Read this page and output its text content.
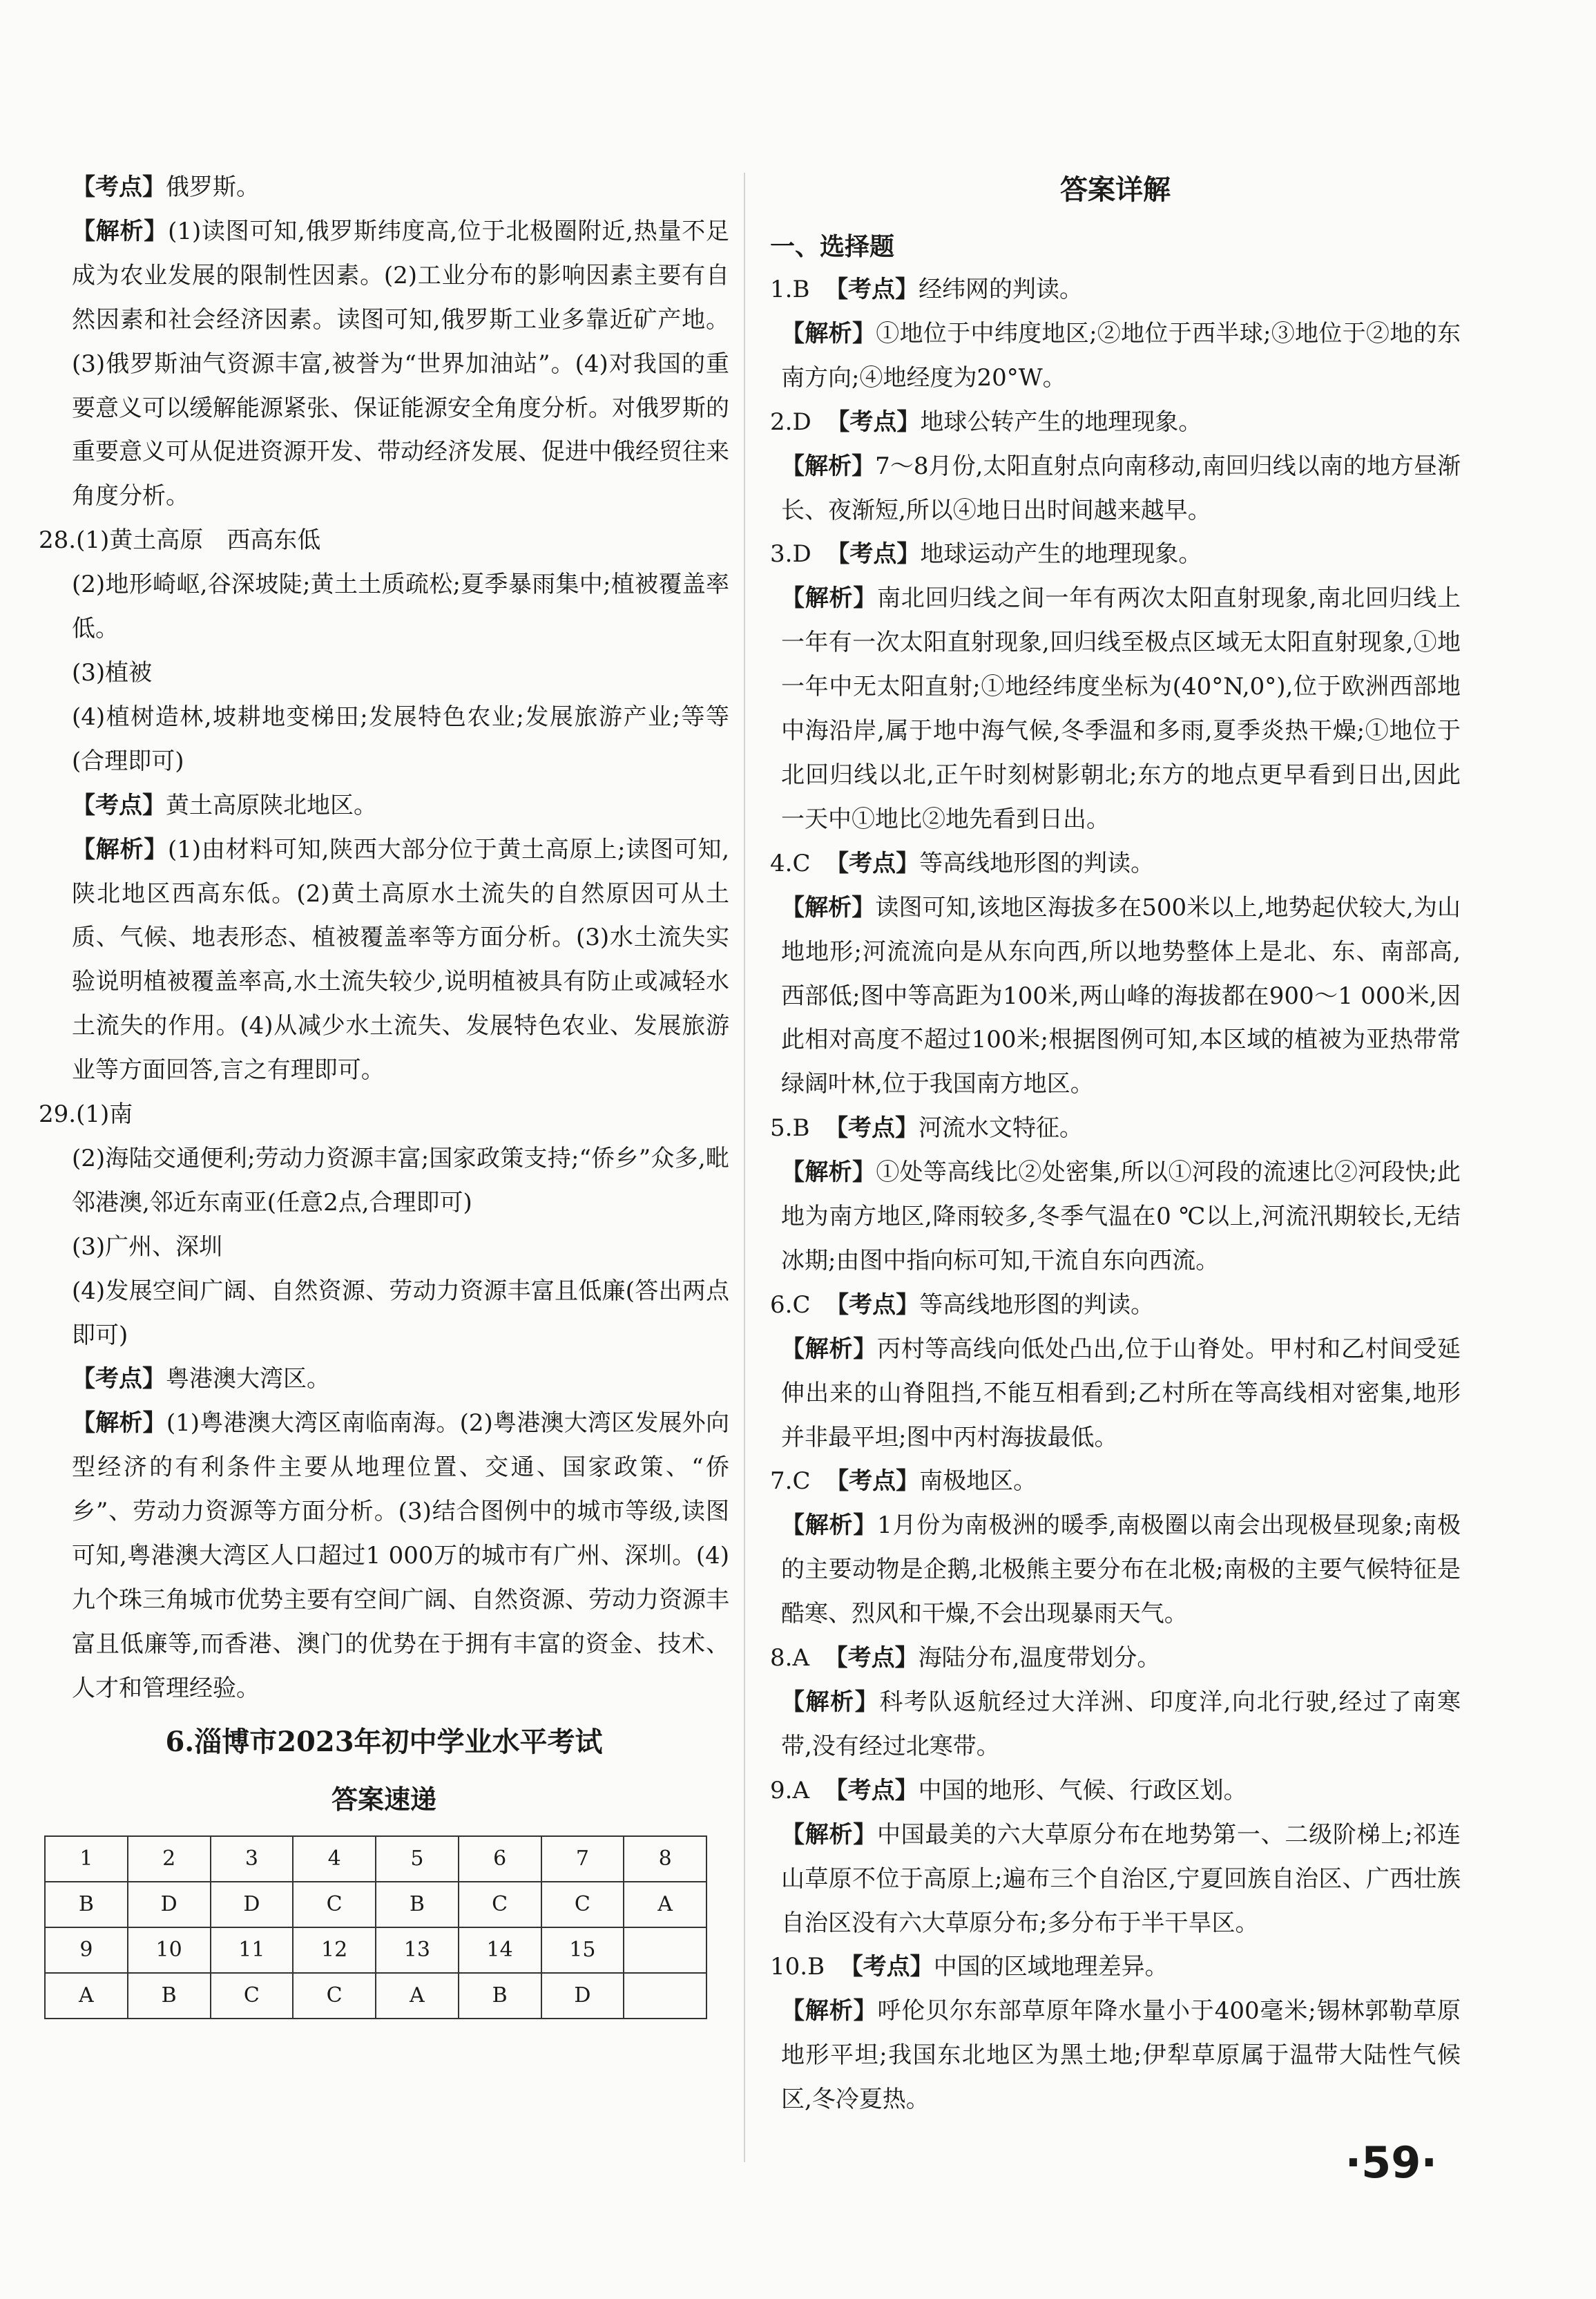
【考点】俄罗斯。

【解析】(1)读图可知,俄罗斯纬度高,位于北极圈附近,热量不足成为农业发展的限制性因素。(2)工业分布的影响因素主要有自然因素和社会经济因素。读图可知,俄罗斯工业多靠近矿产地。(3)俄罗斯油气资源丰富,被誉为“世界加油站”。(4)对我国的重要意义可以缓解能源紧张、保证能源安全角度分析。对俄罗斯的重要意义可从促进资源开发、带动经济发展、促进中俄经贸往来角度分析。

28.(1)黄土高原　西高东低

(2)地形崎岖,谷深坡陡;黄土土质疏松;夏季暴雨集中;植被覆盖率低。

(3)植被

(4)植树造林,坡耕地变梯田;发展特色农业;发展旅游产业;等等(合理即可)

【考点】黄土高原陕北地区。

【解析】(1)由材料可知,陕西大部分位于黄土高原上;读图可知,陕北地区西高东低。(2)黄土高原水土流失的自然原因可从土质、气候、地表形态、植被覆盖率等方面分析。(3)水土流失实验说明植被覆盖率高,水土流失较少,说明植被具有防止或减轻水土流失的作用。(4)从减少水土流失、发展特色农业、发展旅游业等方面回答,言之有理即可。

29.(1)南

(2)海陆交通便利;劳动力资源丰富;国家政策支持;“侨乡”众多,毗邻港澳,邻近东南亚(任意2点,合理即可)

(3)广州、深圳

(4)发展空间广阔、自然资源、劳动力资源丰富且低廉(答出两点即可)

【考点】粤港澳大湾区。

【解析】(1)粤港澳大湾区南临南海。(2)粤港澳大湾区发展外向型经济的有利条件主要从地理位置、交通、国家政策、“侨乡”、劳动力资源等方面分析。(3)结合图例中的城市等级,读图可知,粤港澳大湾区人口超过1 000万的城市有广州、深圳。(4)九个珠三角城市优势主要有空间广阔、自然资源、劳动力资源丰富且低廉等,而香港、澳门的优势在于拥有丰富的资金、技术、人才和管理经验。

6.淄博市2023年初中学业水平考试
答案速递
1	2	3	4	5	6	7	8
B	D	D	C	B	C	C	A
9	10	11	12	13	14	15	
A	B	C	C	A	B	D	
答案详解

一、选择题

1.B 【考点】经纬网的判读。

【解析】①地位于中纬度地区;②地位于西半球;③地位于②地的东南方向;④地经度为20°W。

2.D 【考点】地球公转产生的地理现象。

【解析】7～8月份,太阳直射点向南移动,南回归线以南的地方昼渐长、夜渐短,所以④地日出时间越来越早。

3.D 【考点】地球运动产生的地理现象。

【解析】南北回归线之间一年有两次太阳直射现象,南北回归线上一年有一次太阳直射现象,回归线至极点区域无太阳直射现象,①地一年中无太阳直射;①地经纬度坐标为(40°N,0°),位于欧洲西部地中海沿岸,属于地中海气候,冬季温和多雨,夏季炎热干燥;①地位于北回归线以北,正午时刻树影朝北;东方的地点更早看到日出,因此一天中①地比②地先看到日出。

4.C 【考点】等高线地形图的判读。

【解析】读图可知,该地区海拔多在500米以上,地势起伏较大,为山地地形;河流流向是从东向西,所以地势整体上是北、东、南部高,西部低;图中等高距为100米,两山峰的海拔都在900～1 000米,因此相对高度不超过100米;根据图例可知,本区域的植被为亚热带常绿阔叶林,位于我国南方地区。

5.B 【考点】河流水文特征。

【解析】①处等高线比②处密集,所以①河段的流速比②河段快;此地为南方地区,降雨较多,冬季气温在0 ℃以上,河流汛期较长,无结冰期;由图中指向标可知,干流自东向西流。

6.C 【考点】等高线地形图的判读。

【解析】丙村等高线向低处凸出,位于山脊处。甲村和乙村间受延伸出来的山脊阻挡,不能互相看到;乙村所在等高线相对密集,地形并非最平坦;图中丙村海拔最低。

7.C 【考点】南极地区。

【解析】1月份为南极洲的暖季,南极圈以南会出现极昼现象;南极的主要动物是企鹅,北极熊主要分布在北极;南极的主要气候特征是酷寒、烈风和干燥,不会出现暴雨天气。

8.A 【考点】海陆分布,温度带划分。

【解析】科考队返航经过大洋洲、印度洋,向北行驶,经过了南寒带,没有经过北寒带。

9.A 【考点】中国的地形、气候、行政区划。

【解析】中国最美的六大草原分布在地势第一、二级阶梯上;祁连山草原不位于高原上;遍布三个自治区,宁夏回族自治区、广西壮族自治区没有六大草原分布;多分布于半干旱区。

10.B 【考点】中国的区域地理差异。

【解析】呼伦贝尔东部草原年降水量小于400毫米;锡林郭勒草原地形平坦;我国东北地区为黑土地;伊犁草原属于温带大陆性气候区,冬冷夏热。

·59·
